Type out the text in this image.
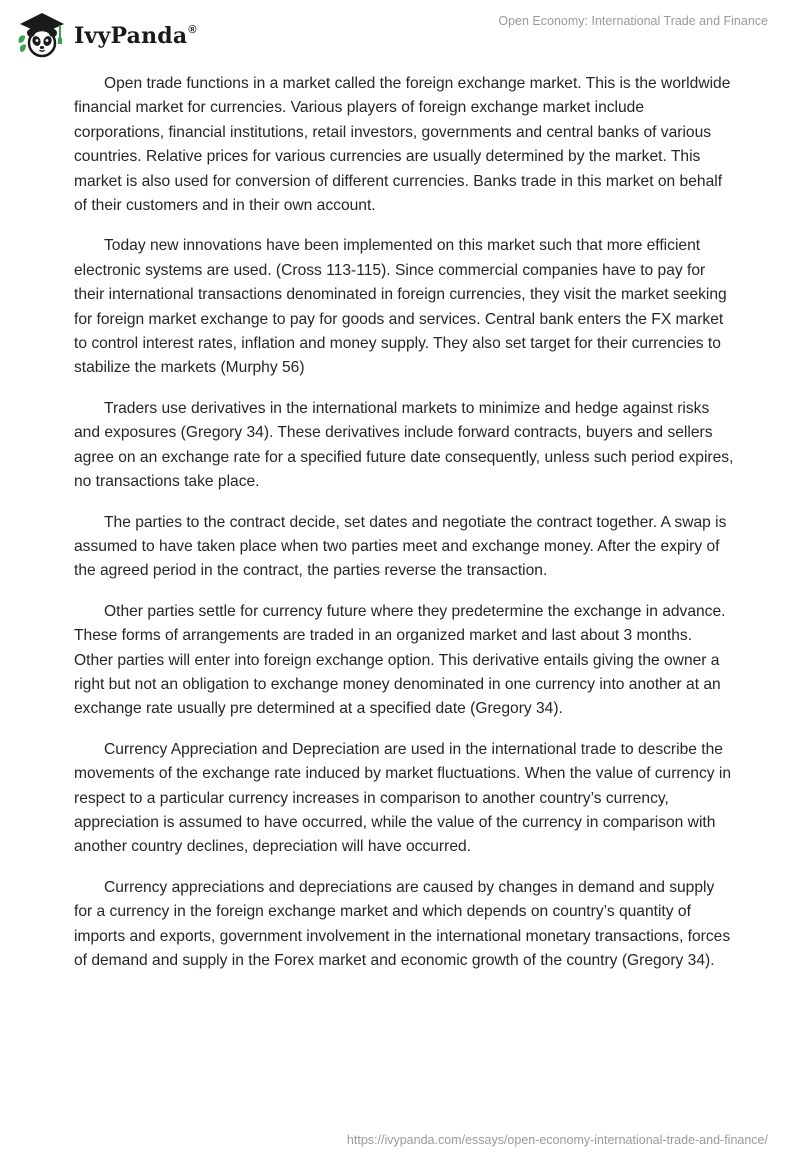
IvyPanda®
Open Economy: International Trade and Finance

Open trade functions in a market called the foreign exchange market. This is the worldwide financial market for currencies. Various players of foreign exchange market include corporations, financial institutions, retail investors, governments and central banks of various countries. Relative prices for various currencies are usually determined by the market. This market is also used for conversion of different currencies. Banks trade in this market on behalf of their customers and in their own account.

Today new innovations have been implemented on this market such that more efficient electronic systems are used. (Cross 113-115). Since commercial companies have to pay for their international transactions denominated in foreign currencies, they visit the market seeking for foreign market exchange to pay for goods and services. Central bank enters the FX market to control interest rates, inflation and money supply. They also set target for their currencies to stabilize the markets (Murphy 56)

Traders use derivatives in the international markets to minimize and hedge against risks and exposures (Gregory 34). These derivatives include forward contracts, buyers and sellers agree on an exchange rate for a specified future date consequently, unless such period expires, no transactions take place.

The parties to the contract decide, set dates and negotiate the contract together. A swap is assumed to have taken place when two parties meet and exchange money. After the expiry of the agreed period in the contract, the parties reverse the transaction.

Other parties settle for currency future where they predetermine the exchange in advance. These forms of arrangements are traded in an organized market and last about 3 months. Other parties will enter into foreign exchange option. This derivative entails giving the owner a right but not an obligation to exchange money denominated in one currency into another at an exchange rate usually pre determined at a specified date (Gregory 34).

Currency Appreciation and Depreciation are used in the international trade to describe the movements of the exchange rate induced by market fluctuations. When the value of currency in respect to a particular currency increases in comparison to another country’s currency, appreciation is assumed to have occurred, while the value of the currency in comparison with another country declines, depreciation will have occurred.

Currency appreciations and depreciations are caused by changes in demand and supply for a currency in the foreign exchange market and which depends on country’s quantity of imports and exports, government involvement in the international monetary transactions, forces of demand and supply in the Forex market and economic growth of the country (Gregory 34).

https://ivypanda.com/essays/open-economy-international-trade-and-finance/
